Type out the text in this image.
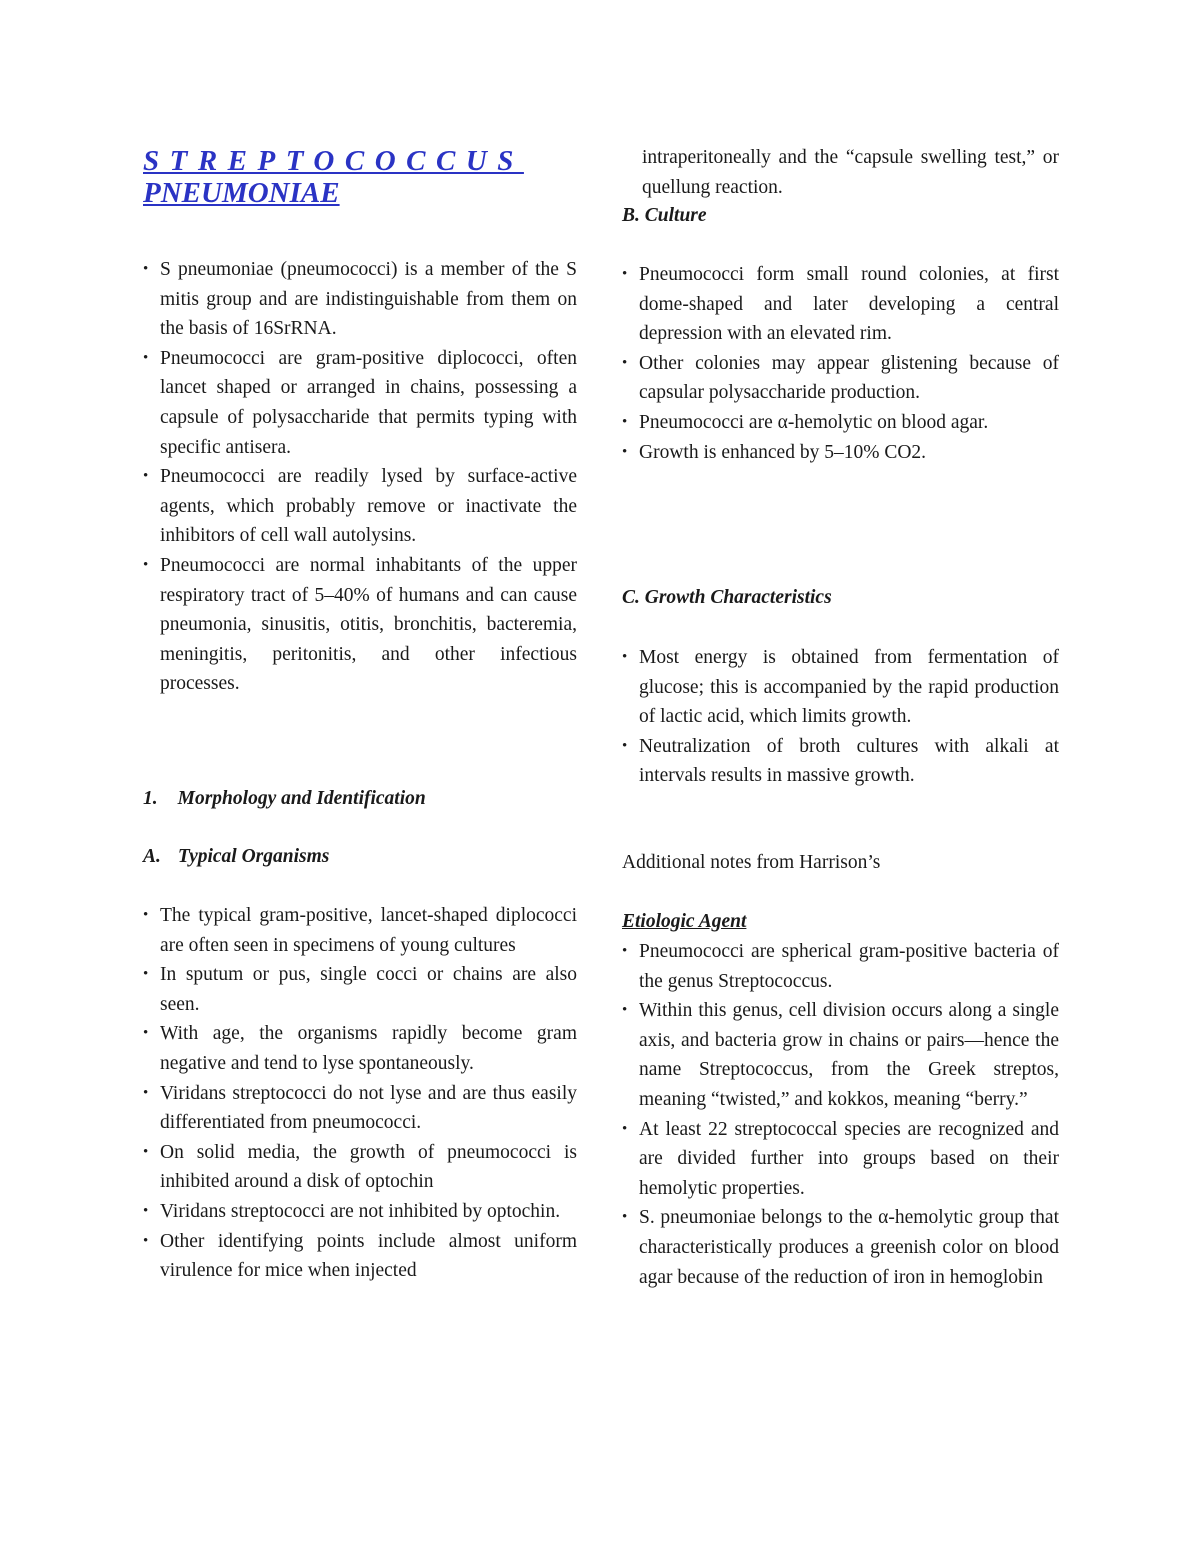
STREPTOCOCCUS
PNEUMONIAE
• S pneumoniae (pneumococci) is a member of the S mitis group and are indistinguishable from them on the basis of 16SrRNA.
• Pneumococci are gram-positive diplococci, often lancet shaped or arranged in chains, possessing a capsule of polysaccharide that permits typing with specific antisera.
• Pneumococci are readily lysed by surface-active agents, which probably remove or inactivate the inhibitors of cell wall autolysins.
• Pneumococci are normal inhabitants of the upper respiratory tract of 5–40% of humans and can cause pneumonia, sinusitis, otitis, bronchitis, bacteremia, meningitis, peritonitis, and other infectious processes.

1. Morphology and Identification

A. Typical Organisms

• The typical gram-positive, lancet-shaped diplococci are often seen in specimens of young cultures
• In sputum or pus, single cocci or chains are also seen.
• With age, the organisms rapidly become gram negative and tend to lyse spontaneously.
• Viridans streptococci do not lyse and are thus easily differentiated from pneumococci.
• On solid media, the growth of pneumococci is inhibited around a disk of optochin
• Viridans streptococci are not inhibited by optochin.
• Other identifying points include almost uniform virulence for mice when injected

intraperitoneally and the “capsule swelling test,” or quellung reaction.

B. Culture

• Pneumococci form small round colonies, at first dome-shaped and later developing a central depression with an elevated rim.
• Other colonies may appear glistening because of capsular polysaccharide production.
• Pneumococci are α-hemolytic on blood agar.
• Growth is enhanced by 5–10% CO2.

C. Growth Characteristics

• Most energy is obtained from fermentation of glucose; this is accompanied by the rapid production of lactic acid, which limits growth.
• Neutralization of broth cultures with alkali at intervals results in massive growth.

Additional notes from Harrison’s

Etiologic Agent

• Pneumococci are spherical gram-positive bacteria of the genus Streptococcus.
• Within this genus, cell division occurs along a single axis, and bacteria grow in chains or pairs—hence the name Streptococcus, from the Greek streptos, meaning “twisted,” and kokkos, meaning “berry.”
• At least 22 streptococcal species are recognized and are divided further into groups based on their hemolytic properties.
• S. pneumoniae belongs to the α-hemolytic group that characteristically produces a greenish color on blood agar because of the reduction of iron in hemoglobin
